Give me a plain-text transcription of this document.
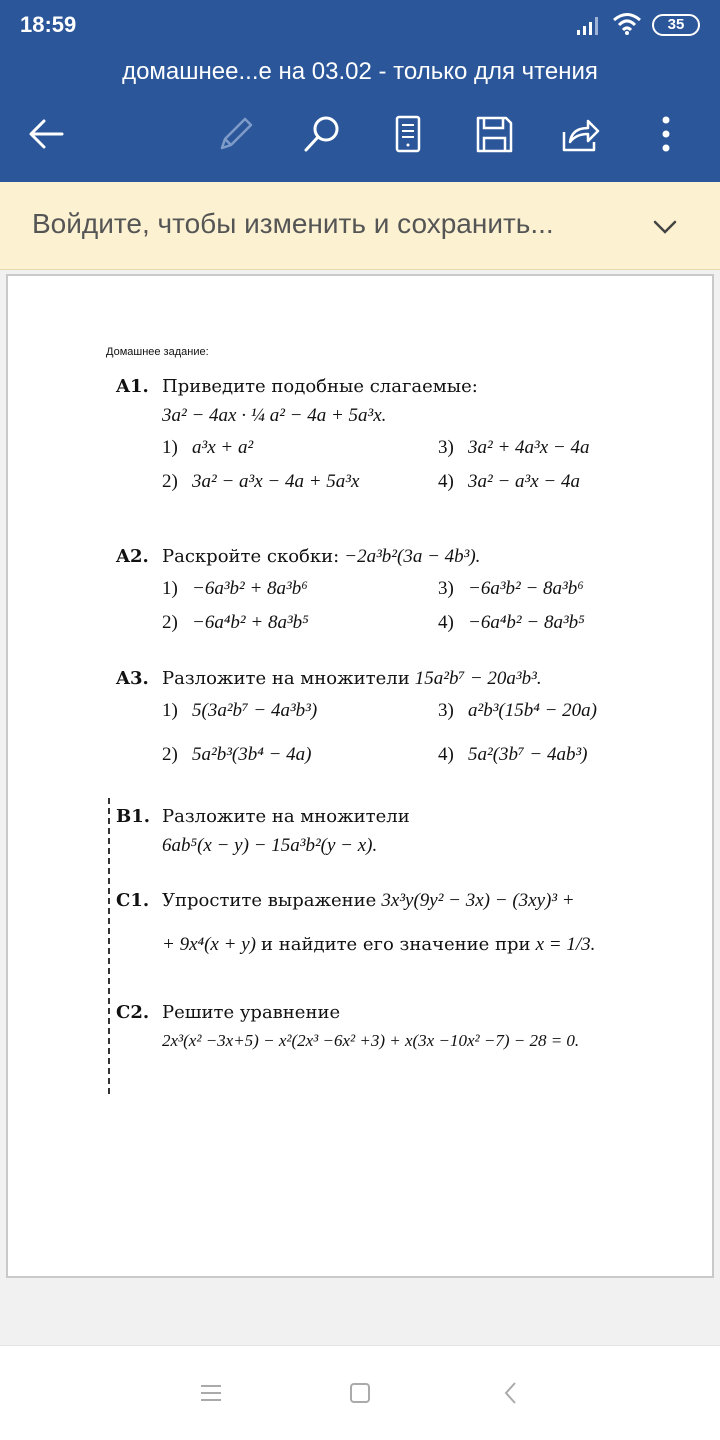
18:59	35
домашнее...е на 03.02 - только для чтения
Войдите, чтобы изменить и сохранить...
Домашнее задание:
A1. Приведите подобные слагаемые:
3a² − 4ax · ¼ a² − 4a + 5a³x.
1) a³x + a²	3) 3a² + 4a³x − 4a
2) 3a² − a³x − 4a + 5a³x	4) 3a² − a³x − 4a
A2. Раскройте скобки: −2a³b²(3a − 4b³).
1) −6a³b² + 8a³b⁶	3) −6a³b² − 8a³b⁶
2) −6a⁴b² + 8a³b⁵	4) −6a⁴b² − 8a³b⁵
A3. Разложите на множители 15a²b⁷ − 20a³b³.
1) 5(3a²b⁷ − 4a³b³)	3) a²b³(15b⁴ − 20a)
2) 5a²b³(3b⁴ − 4a)	4) 5a²(3b⁷ − 4ab³)
B1. Разложите на множители
6ab⁵(x − y) − 15a³b²(y − x).
C1. Упростите выражение 3x³y(9y² − 3x) − (3xy)³ +
+ 9x⁴(x + y) и найдите его значение при x = 1/3.
C2. Решите уравнение
2x³(x² −3x+5) − x²(2x³ −6x² +3) + x(3x −10x² −7) − 28 = 0.
